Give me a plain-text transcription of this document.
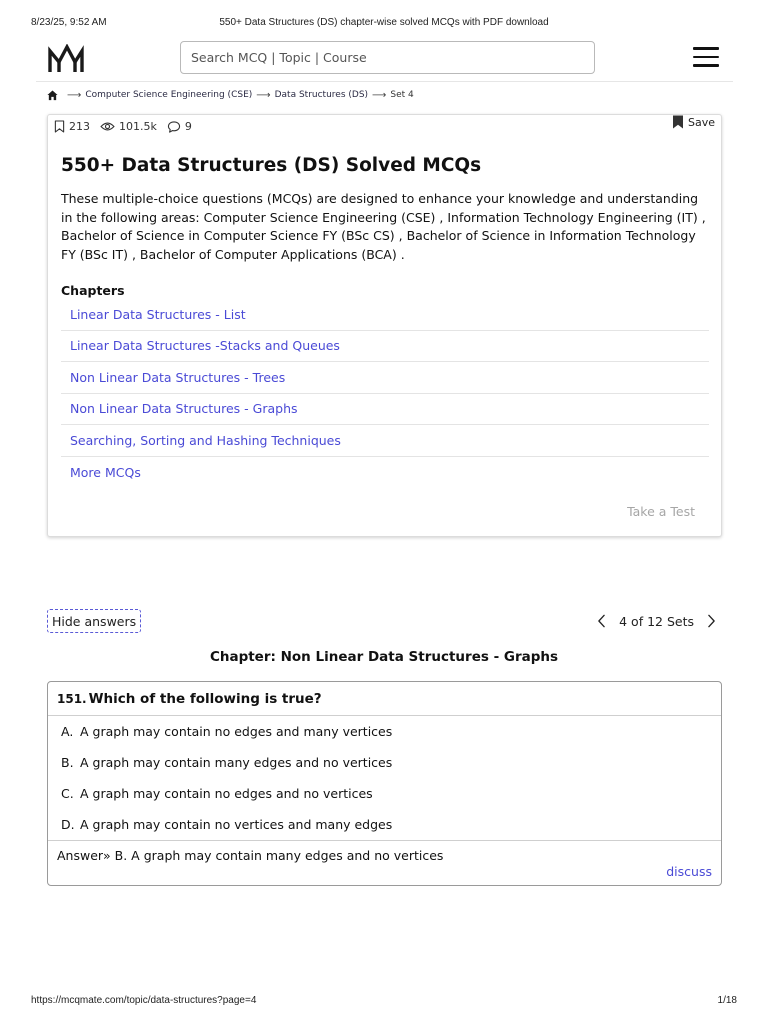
8/23/25, 9:52 AM	550+ Data Structures (DS) chapter-wise solved MCQs with PDF download
Search MCQ | Topic | Course
⟶ Computer Science Engineering (CSE) ⟶ Data Structures (DS) ⟶ Set 4
213	101.5k	9	Save
550+ Data Structures (DS) Solved MCQs

These multiple-choice questions (MCQs) are designed to enhance your knowledge and understanding in the following areas: Computer Science Engineering (CSE) , Information Technology Engineering (IT) , Bachelor of Science in Computer Science FY (BSc CS) , Bachelor of Science in Information Technology FY (BSc IT) , Bachelor of Computer Applications (BCA) .

Chapters
Linear Data Structures - List
Linear Data Structures -Stacks and Queues
Non Linear Data Structures - Trees
Non Linear Data Structures - Graphs
Searching, Sorting and Hashing Techniques
More MCQs
Take a Test
Hide answers	4 of 12 Sets
Chapter: Non Linear Data Structures - Graphs
151. Which of the following is true?
A. A graph may contain no edges and many vertices
B. A graph may contain many edges and no vertices
C. A graph may contain no edges and no vertices
D. A graph may contain no vertices and many edges
Answer» B. A graph may contain many edges and no vertices
discuss
https://mcqmate.com/topic/data-structures?page=4	1/18
